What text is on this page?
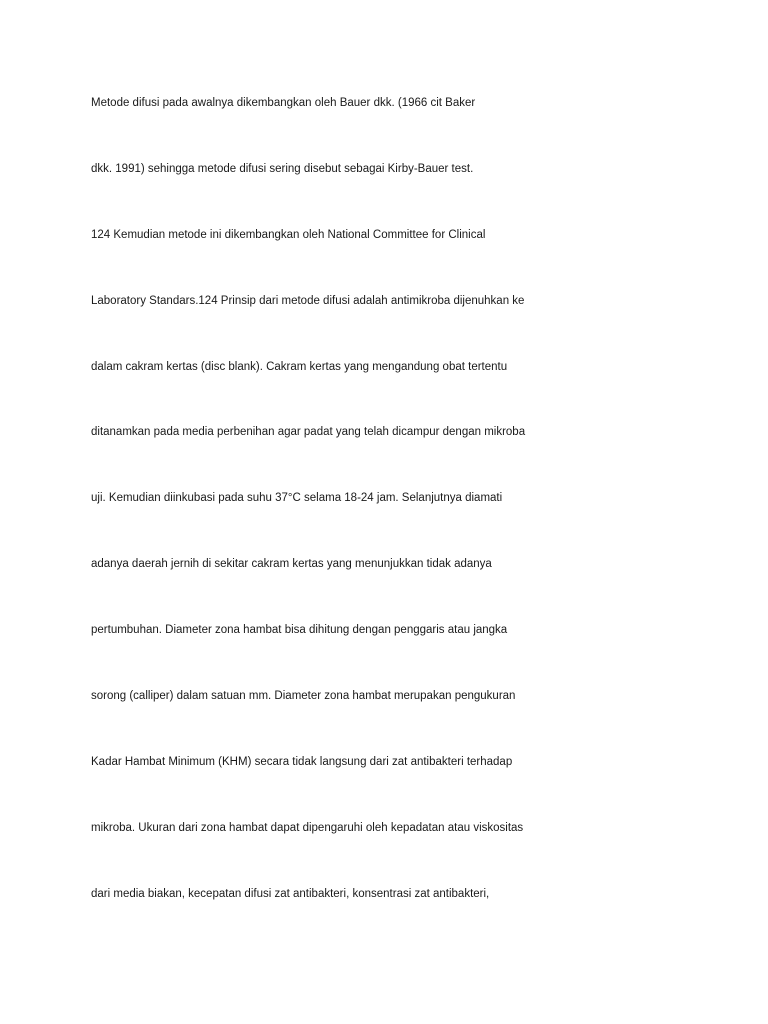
Metode difusi pada awalnya dikembangkan oleh Bauer dkk. (1966 cit Baker

dkk. 1991) sehingga metode difusi sering disebut sebagai Kirby-Bauer test.

124 Kemudian metode ini dikembangkan oleh National Committee for Clinical

Laboratory Standars.124 Prinsip dari metode difusi adalah antimikroba dijenuhkan ke

dalam cakram kertas (disc blank). Cakram kertas yang mengandung obat tertentu

ditanamkan pada media perbenihan agar padat yang telah dicampur dengan mikroba

uji. Kemudian diinkubasi pada suhu 37°C selama 18-24 jam. Selanjutnya diamati

adanya daerah jernih di sekitar cakram kertas yang menunjukkan tidak adanya

pertumbuhan. Diameter zona hambat bisa dihitung dengan penggaris atau jangka

sorong (calliper) dalam satuan mm. Diameter zona hambat merupakan pengukuran

Kadar Hambat Minimum (KHM) secara tidak langsung dari zat antibakteri terhadap

mikroba. Ukuran dari zona hambat dapat dipengaruhi oleh kepadatan atau viskositas

dari media biakan, kecepatan difusi zat antibakteri, konsentrasi zat antibakteri,
